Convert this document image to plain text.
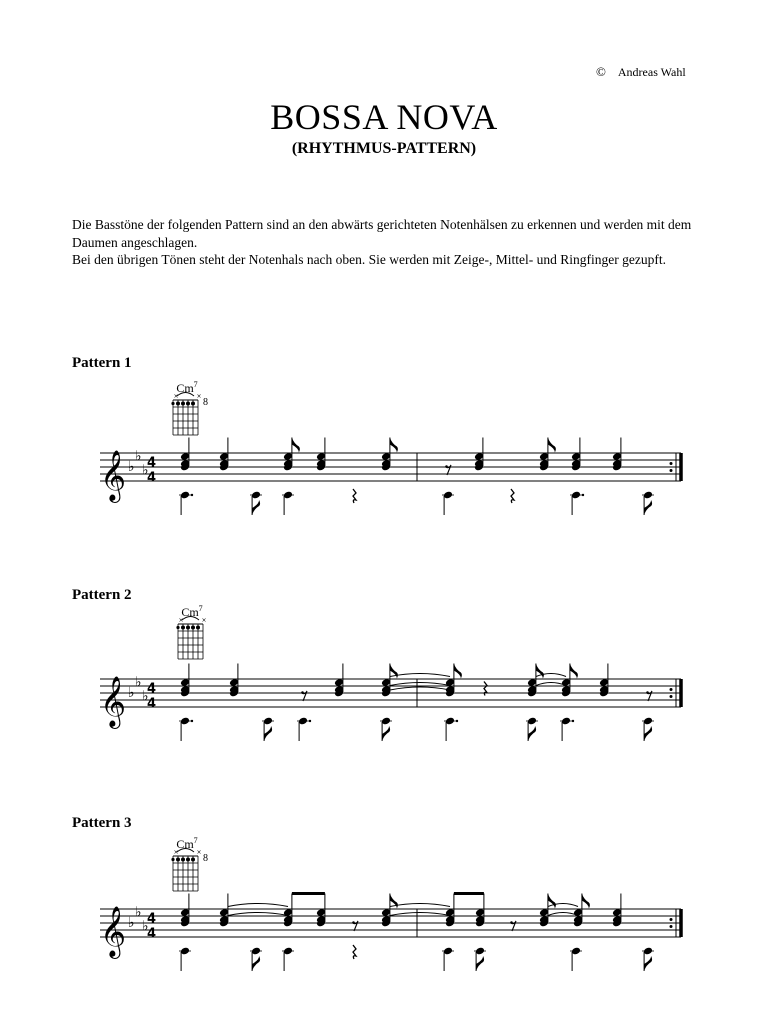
© Andreas Wahl
BOSSA NOVA
(RHYTHMUS-PATTERN)

Die Basstöne der folgenden Pattern sind an den abwärts gerichteten Notenhälsen zu erkennen und werden mit dem Daumen angeschlagen.

Bei den übrigen Tönen steht der Notenhals nach oben. Sie werden mit Zeige-, Mittel- und Ringfinger gezupft.

Pattern 1
Cm$^7$
8
×	×
𝄞 ♭
♭
♭
4
4
Pattern 2
$Cm^7$
×	×
𝄞 ♭
♭
♭
4
4
Pattern 3
Cm$^7$
8
×	×
𝄞 ♭
♭
♭
4
4
